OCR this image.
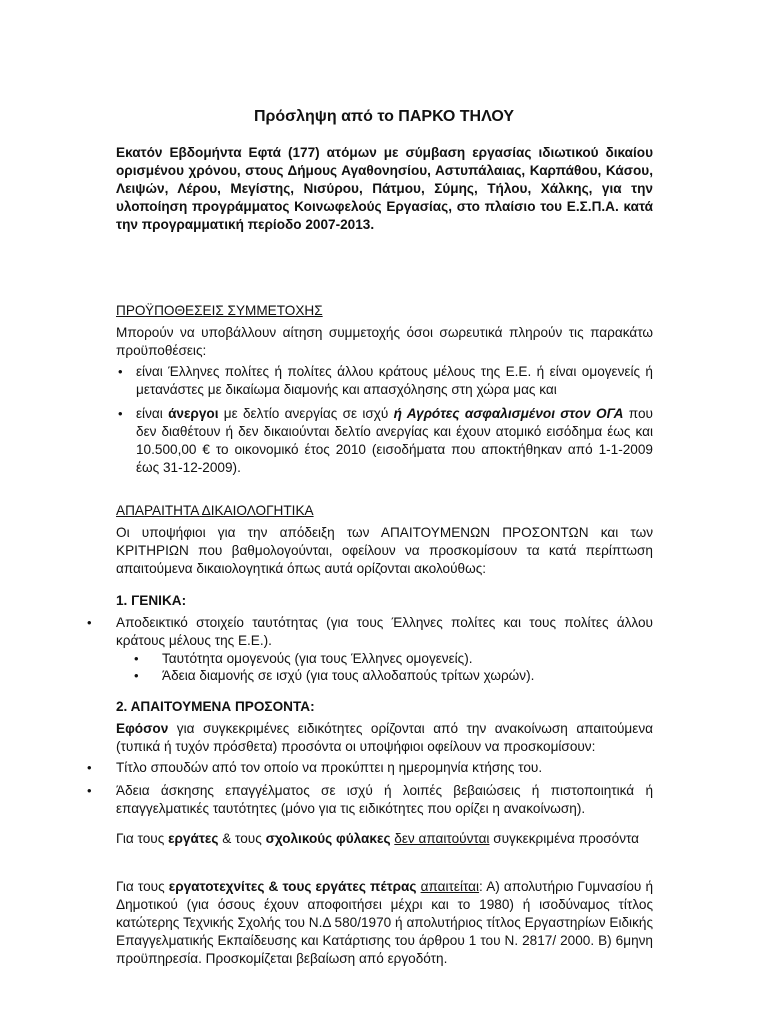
Πρόσληψη από το ΠΑΡΚΟ ΤΗΛΟΥ
Εκατόν Εβδομήντα Εφτά (177) ατόμων με σύμβαση εργασίας ιδιωτικού δικαίου ορισμένου χρόνου, στους Δήμους Αγαθονησίου, Αστυπάλαιας, Καρπάθου, Κάσου, Λειψών, Λέρου, Μεγίστης, Νισύρου, Πάτμου, Σύμης, Τήλου, Χάλκης, για την υλοποίηση προγράμματος Κοινωφελούς Εργασίας, στο πλαίσιο του Ε.Σ.Π.Α. κατά την προγραμματική περίοδο 2007-2013.
ΠΡΟΫΠΟΘΕΣΕΙΣ ΣΥΜΜΕΤΟΧΗΣ
Μπορούν να υποβάλλουν αίτηση συμμετοχής όσοι σωρευτικά πληρούν τις παρακάτω προϋποθέσεις:
• είναι Έλληνες πολίτες ή πολίτες άλλου κράτους μέλους της Ε.Ε. ή είναι ομογενείς ή μετανάστες με δικαίωμα διαμονής και απασχόλησης στη χώρα μας και
• είναι άνεργοι με δελτίο ανεργίας σε ισχύ ή Αγρότες ασφαλισμένοι στον ΟΓΑ που δεν διαθέτουν ή δεν δικαιούνται δελτίο ανεργίας και έχουν ατομικό εισόδημα έως και 10.500,00 € το οικονομικό έτος 2010 (εισοδήματα που αποκτήθηκαν από 1-1-2009 έως 31-12-2009).
ΑΠΑΡΑΙΤΗΤΑ ΔΙΚΑΙΟΛΟΓΗΤΙΚΑ
Οι υποψήφιοι για την απόδειξη των ΑΠΑΙΤΟΥΜΕΝΩΝ ΠΡΟΣΟΝΤΩΝ και των ΚΡΙΤΗΡΙΩΝ που βαθμολογούνται, οφείλουν να προσκομίσουν τα κατά περίπτωση απαιτούμενα δικαιολογητικά όπως αυτά ορίζονται ακολούθως:
1. ΓΕΝΙΚΑ:
• Αποδεικτικό στοιχείο ταυτότητας (για τους Έλληνες πολίτες και τους πολίτες άλλου κράτους μέλους της Ε.Ε.).
• Ταυτότητα ομογενούς (για τους Έλληνες ομογενείς).
• Άδεια διαμονής σε ισχύ (για τους αλλοδαπούς τρίτων χωρών).
2. ΑΠΑΙΤΟΥΜΕΝΑ ΠΡΟΣΟΝΤΑ:
Εφόσον για συγκεκριμένες ειδικότητες ορίζονται από την ανακοίνωση απαιτούμενα (τυπικά ή τυχόν πρόσθετα) προσόντα οι υποψήφιοι οφείλουν να προσκομίσουν:
• Τίτλο σπουδών από τον οποίο να προκύπτει η ημερομηνία κτήσης του.
• Άδεια άσκησης επαγγέλματος σε ισχύ ή λοιπές βεβαιώσεις ή πιστοποιητικά ή επαγγελματικές ταυτότητες (μόνο για τις ειδικότητες που ορίζει η ανακοίνωση).
Για τους εργάτες & τους σχολικούς φύλακες δεν απαιτούνται συγκεκριμένα προσόντα
Για τους εργατοτεχνίτες & τους εργάτες πέτρας απαιτείται: Α) απολυτήριο Γυμνασίου ή Δημοτικού (για όσους έχουν αποφοιτήσει μέχρι και το 1980) ή ισοδύναμος τίτλος κατώτερης Τεχνικής Σχολής του Ν.Δ 580/1970 ή απολυτήριος τίτλος Εργαστηρίων Ειδικής Επαγγελματικής Εκπαίδευσης και Κατάρτισης του άρθρου 1 του Ν. 2817/ 2000. Β) 6μηνη προϋπηρεσία. Προσκομίζεται βεβαίωση από εργοδότη.
